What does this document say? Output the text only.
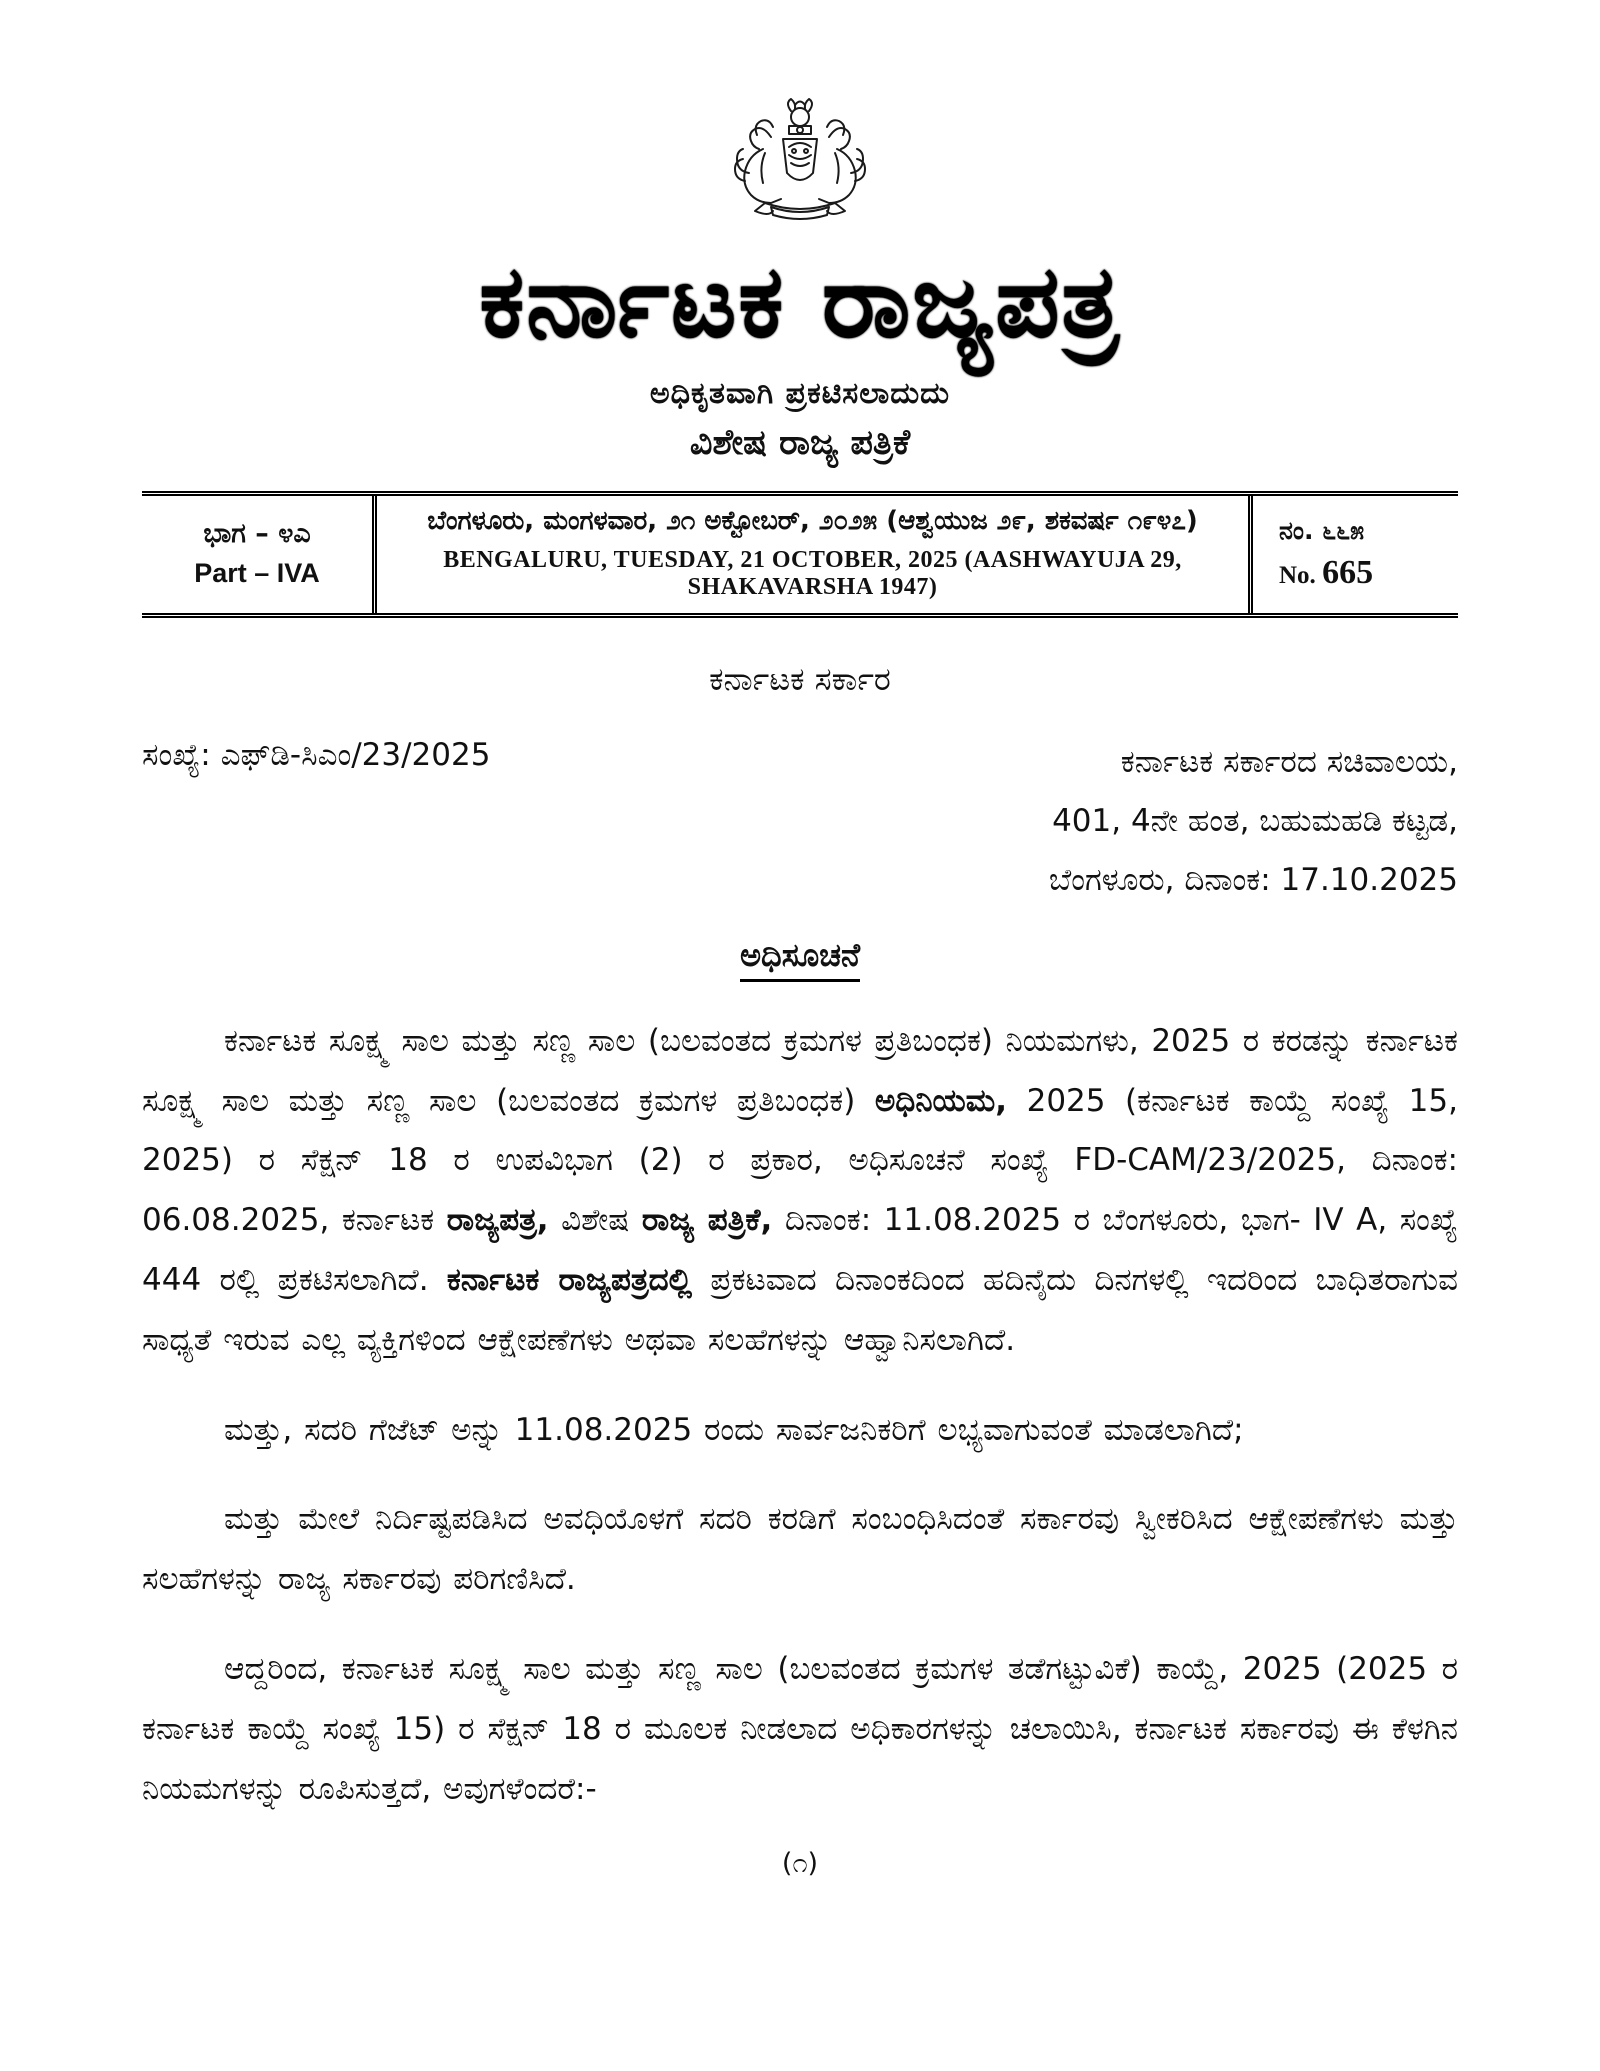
ಕರ್ನಾಟಕ ರಾಜ್ಯಪತ್ರ
ಅಧಿಕೃತವಾಗಿ ಪ್ರಕಟಿಸಲಾದುದು
ವಿಶೇಷ ರಾಜ್ಯ ಪತ್ರಿಕೆ
ಭಾಗ – ೪ಎ
Part – IVA

ಬೆಂಗಳೂರು, ಮಂಗಳವಾರ, ೨೧ ಅಕ್ಟೋಬರ್, ೨೦೨೫ (ಆಶ್ವಯುಜ ೨೯, ಶಕವರ್ಷ ೧೯೪೭)
BENGALURU, TUESDAY, 21 OCTOBER, 2025 (AASHWAYUJA 29, SHAKAVARSHA 1947)

ನಂ. ೬೬೫
No. 665
ಕರ್ನಾಟಕ ಸರ್ಕಾರ
ಸಂಖ್ಯೆ: ಎಫ್‌ಡಿ-ಸಿಎಂ/23/2025	ಕರ್ನಾಟಕ ಸರ್ಕಾರದ ಸಚಿವಾಲಯ,
401, 4ನೇ ಹಂತ, ಬಹುಮಹಡಿ ಕಟ್ಟಡ,
ಬೆಂಗಳೂರು, ದಿನಾಂಕ: 17.10.2025
ಅಧಿಸೂಚನೆ

ಕರ್ನಾಟಕ ಸೂಕ್ಷ್ಮ ಸಾಲ ಮತ್ತು ಸಣ್ಣ ಸಾಲ (ಬಲವಂತದ ಕ್ರಮಗಳ ಪ್ರತಿಬಂಧಕ) ನಿಯಮಗಳು, 2025 ರ ಕರಡನ್ನು ಕರ್ನಾಟಕ ಸೂಕ್ಷ್ಮ ಸಾಲ ಮತ್ತು ಸಣ್ಣ ಸಾಲ (ಬಲವಂತದ ಕ್ರಮಗಳ ಪ್ರತಿಬಂಧಕ) ಅಧಿನಿಯಮ, 2025 (ಕರ್ನಾಟಕ ಕಾಯ್ದೆ ಸಂಖ್ಯೆ 15, 2025) ರ ಸೆಕ್ಷನ್ 18 ರ ಉಪವಿಭಾಗ (2) ರ ಪ್ರಕಾರ, ಅಧಿಸೂಚನೆ ಸಂಖ್ಯೆ FD-CAM/23/2025, ದಿನಾಂಕ: 06.08.2025, ಕರ್ನಾಟಕ ರಾಜ್ಯಪತ್ರ, ವಿಶೇಷ ರಾಜ್ಯ ಪತ್ರಿಕೆ, ದಿನಾಂಕ: 11.08.2025 ರ ಬೆಂಗಳೂರು, ಭಾಗ- IV A, ಸಂಖ್ಯೆ 444 ರಲ್ಲಿ ಪ್ರಕಟಿಸಲಾಗಿದೆ. ಕರ್ನಾಟಕ ರಾಜ್ಯಪತ್ರದಲ್ಲಿ ಪ್ರಕಟವಾದ ದಿನಾಂಕದಿಂದ ಹದಿನೈದು ದಿನಗಳಲ್ಲಿ ಇದರಿಂದ ಬಾಧಿತರಾಗುವ ಸಾಧ್ಯತೆ ಇರುವ ಎಲ್ಲ ವ್ಯಕ್ತಿಗಳಿಂದ ಆಕ್ಷೇಪಣೆಗಳು ಅಥವಾ ಸಲಹೆಗಳನ್ನು ಆಹ್ವಾನಿಸಲಾಗಿದೆ.

ಮತ್ತು, ಸದರಿ ಗೆಜೆಟ್ ಅನ್ನು 11.08.2025 ರಂದು ಸಾರ್ವಜನಿಕರಿಗೆ ಲಭ್ಯವಾಗುವಂತೆ ಮಾಡಲಾಗಿದೆ;

ಮತ್ತು ಮೇಲೆ ನಿರ್ದಿಷ್ಟಪಡಿಸಿದ ಅವಧಿಯೊಳಗೆ ಸದರಿ ಕರಡಿಗೆ ಸಂಬಂಧಿಸಿದಂತೆ ಸರ್ಕಾರವು ಸ್ವೀಕರಿಸಿದ ಆಕ್ಷೇಪಣೆಗಳು ಮತ್ತು ಸಲಹೆಗಳನ್ನು ರಾಜ್ಯ ಸರ್ಕಾರವು ಪರಿಗಣಿಸಿದೆ.

ಆದ್ದರಿಂದ, ಕರ್ನಾಟಕ ಸೂಕ್ಷ್ಮ ಸಾಲ ಮತ್ತು ಸಣ್ಣ ಸಾಲ (ಬಲವಂತದ ಕ್ರಮಗಳ ತಡೆಗಟ್ಟುವಿಕೆ) ಕಾಯ್ದೆ, 2025 (2025 ರ ಕರ್ನಾಟಕ ಕಾಯ್ದೆ ಸಂಖ್ಯೆ 15) ರ ಸೆಕ್ಷನ್ 18 ರ ಮೂಲಕ ನೀಡಲಾದ ಅಧಿಕಾರಗಳನ್ನು ಚಲಾಯಿಸಿ, ಕರ್ನಾಟಕ ಸರ್ಕಾರವು ಈ ಕೆಳಗಿನ ನಿಯಮಗಳನ್ನು ರೂಪಿಸುತ್ತದೆ, ಅವುಗಳೆಂದರೆ:-

(೧)
